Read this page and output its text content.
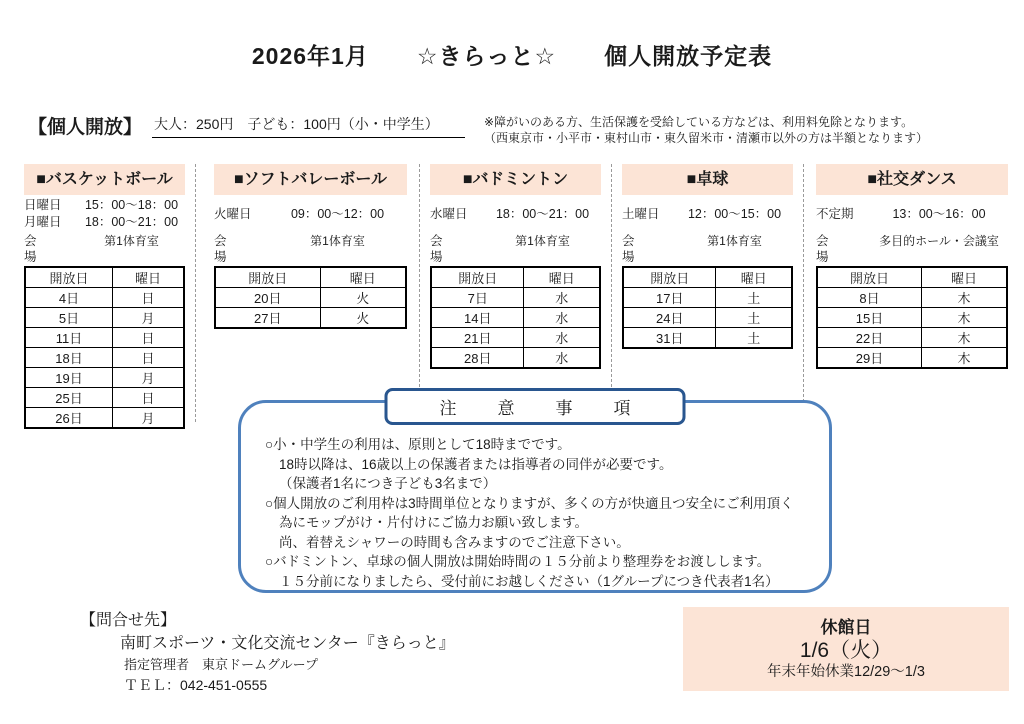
2026年1月　　☆きらっと☆　　個人開放予定表
【個人開放】 大人：250円　子ども：100円（小・中学生）	※障がいのある方、生活保護を受給している方などは、利用料免除となります。
（西東京市・小平市・東村山市・東久留米市・清瀬市以外の方は半額となります）
■バスケットボール
日曜日	15：00〜18：00
月曜日	18：00〜21：00
会　場
第1体育室
開放日	曜日
4日	日
5日	月
11日	日
18日	日
19日	月
25日	日
26日	月
■ソフトバレーボール
火曜日	09：00〜12：00
会　場
第1体育室
開放日	曜日
20日	火
27日	火
■バドミントン
水曜日	18：00〜21：00
会　場
第1体育室
開放日	曜日
7日	水
14日	水
21日	水
28日	水
■卓球
土曜日	12：00〜15：00
会　場
第1体育室
開放日	曜日
17日	土
24日	土
31日	土
■社交ダンス
不定期	13：00〜16：00
会　場
多目的ホール・会議室
開放日	曜日
8日	木
15日	木
22日	木
29日	木
注　意　事　項
○小・中学生の利用は、原則として18時までです。
18時以降は、16歳以上の保護者または指導者の同伴が必要です。
（保護者1名につき子ども3名まで）
○個人開放のご利用枠は3時間単位となりますが、多くの方が快適且つ安全にご利用頂く
為にモップがけ・片付けにご協力お願い致します。
尚、着替えシャワーの時間も含みますのでご注意下さい。
○バドミントン、卓球の個人開放は開始時間の１５分前より整理券をお渡しします。
１５分前になりましたら、受付前にお越しください（1グループにつき代表者1名）
【問合せ先】
南町スポーツ・文化交流センター『きらっと』
指定管理者　東京ドームグループ
ＴＥＬ：042-451-0555
休館日
1/6（火）
年末年始休業12/29〜1/3
